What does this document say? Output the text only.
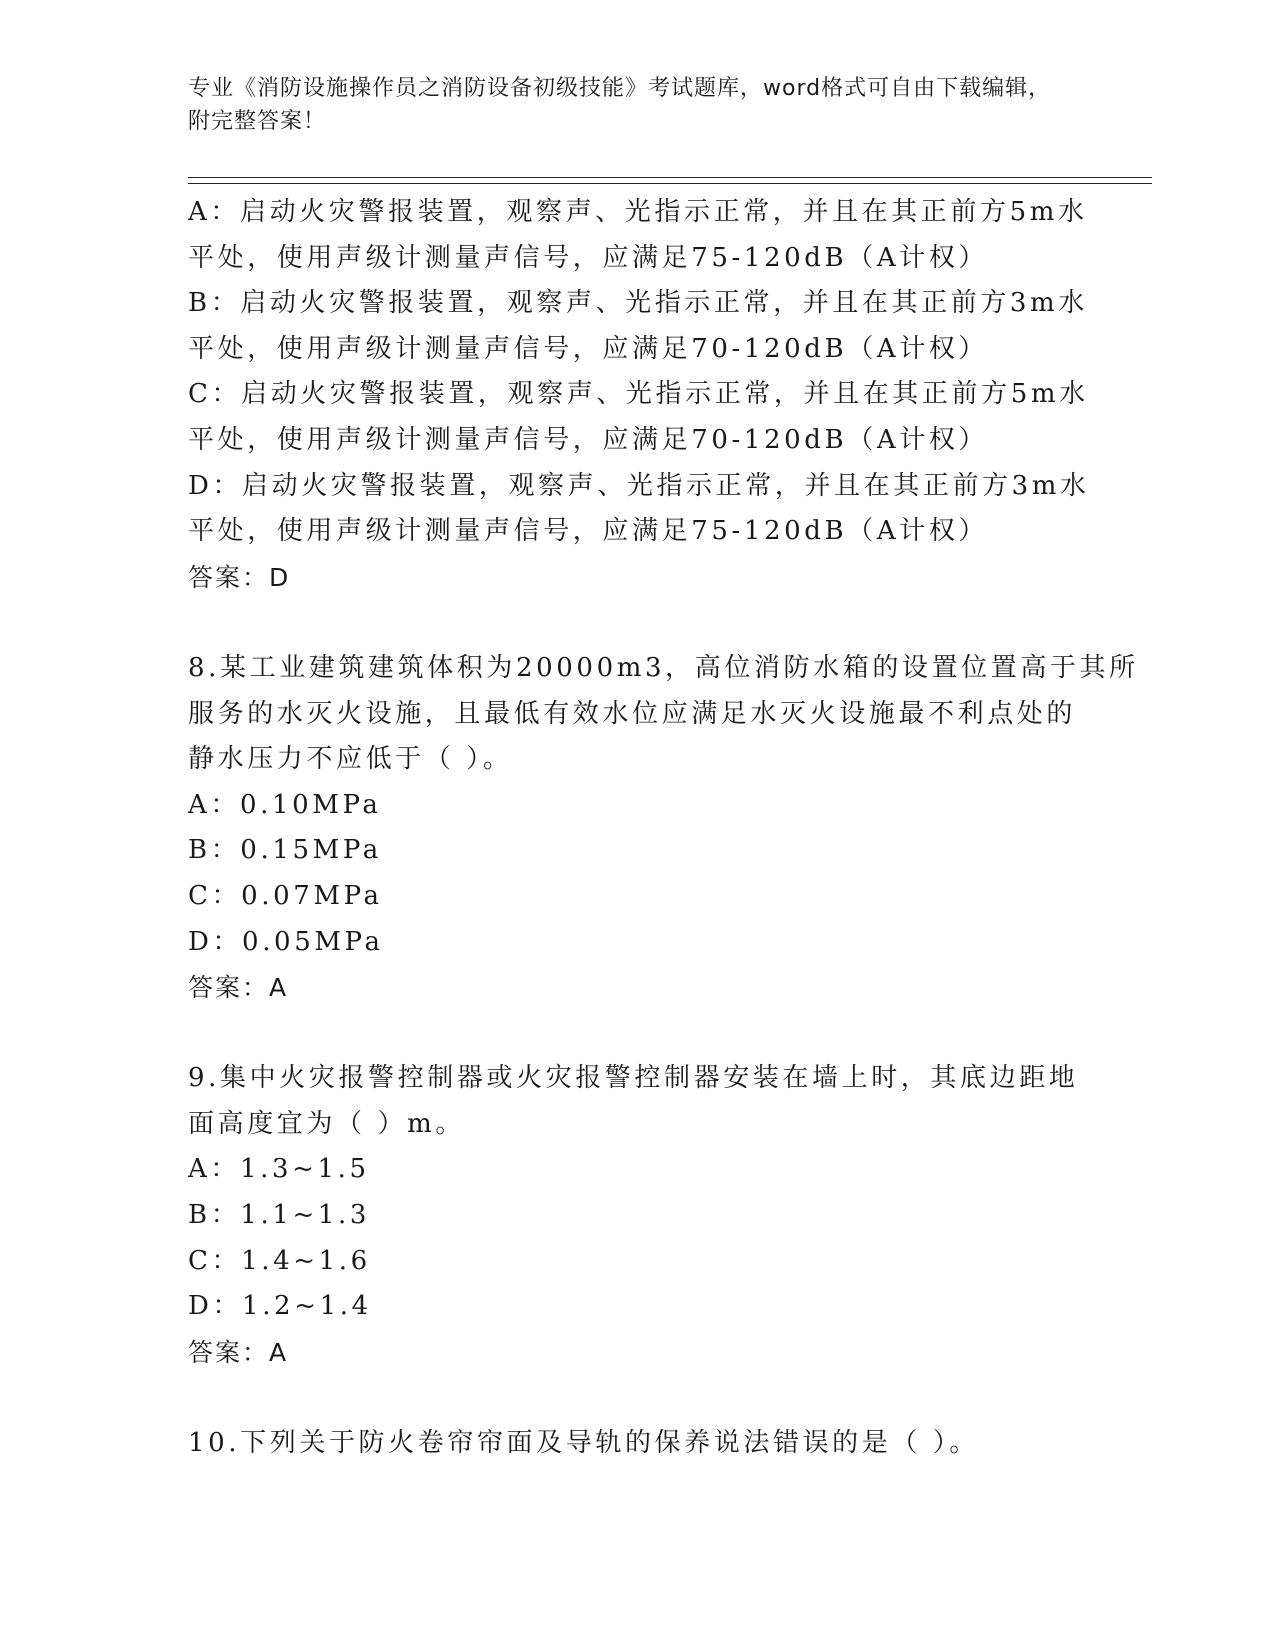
专业《消防设施操作员之消防设备初级技能》考试题库，word格式可自由下载编辑，附完整答案！
A：启动火灾警报装置，观察声、光指示正常，并且在其正前方5m水
平处，使用声级计测量声信号，应满足75-120dB（A计权）
B：启动火灾警报装置，观察声、光指示正常，并且在其正前方3m水
平处，使用声级计测量声信号，应满足70-120dB（A计权）
C：启动火灾警报装置，观察声、光指示正常，并且在其正前方5m水
平处，使用声级计测量声信号，应满足70-120dB（A计权）
D：启动火灾警报装置，观察声、光指示正常，并且在其正前方3m水
平处，使用声级计测量声信号，应满足75-120dB（A计权）
答案：D
8.某工业建筑建筑体积为20000m3，高位消防水箱的设置位置高于其所
服务的水灭火设施，且最低有效水位应满足水灭火设施最不利点处的
静水压力不应低于（ ）。
A：0.10MPa
B：0.15MPa
C：0.07MPa
D：0.05MPa
答案：A
9.集中火灾报警控制器或火灾报警控制器安装在墙上时，其底边距地
面高度宜为（ ）m。
A：1.3~1.5
B：1.1~1.3
C：1.4~1.6
D：1.2~1.4
答案：A
10.下列关于防火卷帘帘面及导轨的保养说法错误的是（ ）。
